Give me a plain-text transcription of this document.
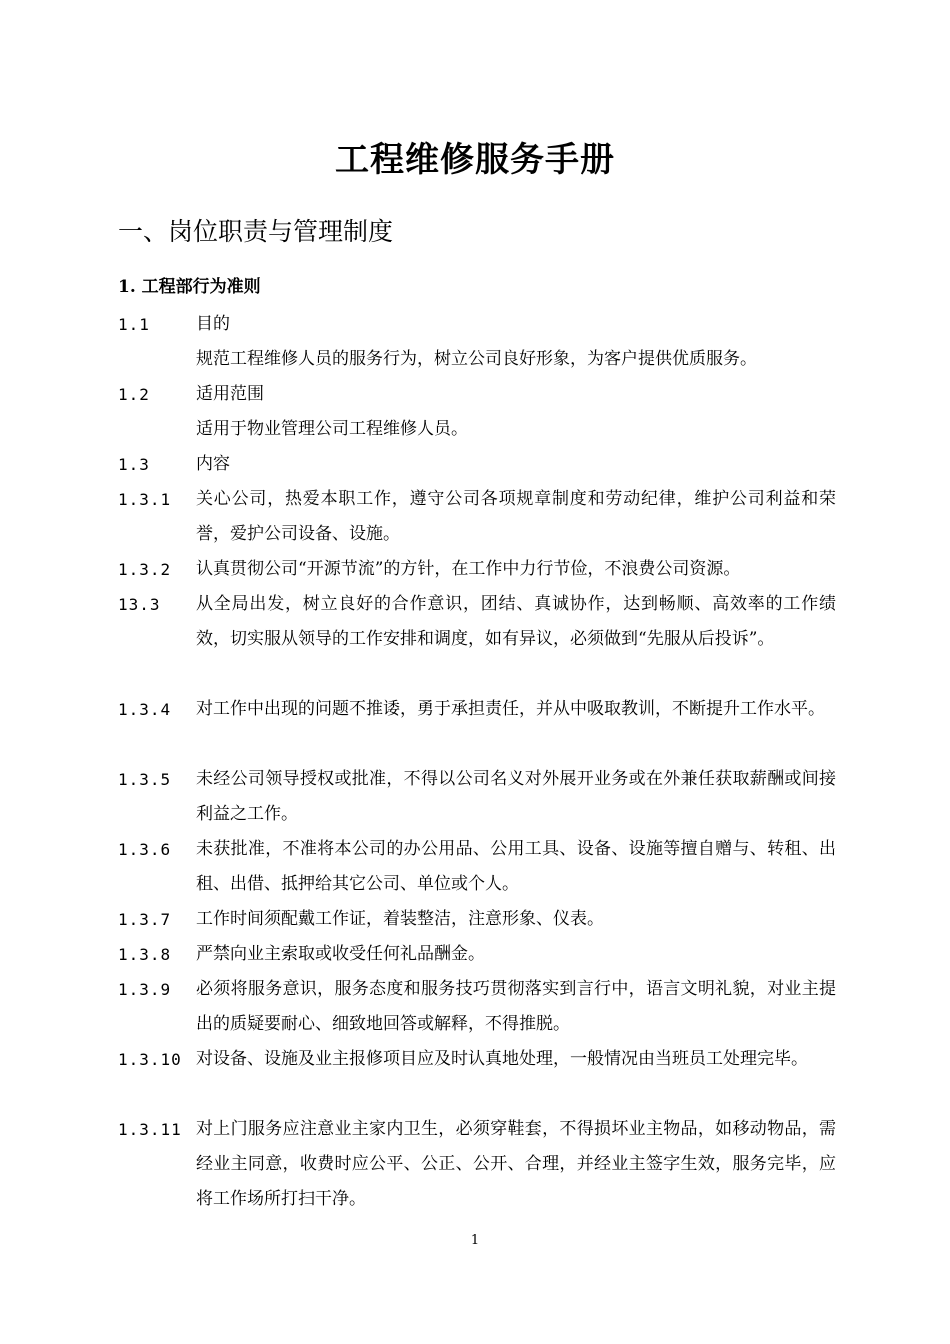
工程维修服务手册
一、岗位职责与管理制度
1. 工程部行为准则
1.1	目的
规范工程维修人员的服务行为，树立公司良好形象，为客户提供优质服务。
1.2	适用范围
适用于物业管理公司工程维修人员。
1.3	内容
1.3.1 关心公司，热爱本职工作，遵守公司各项规章制度和劳动纪律，维护公司利益和荣誉，爱护公司设备、设施。
1.3.2 认真贯彻公司“开源节流”的方针，在工作中力行节俭，不浪费公司资源。
13.3 从全局出发，树立良好的合作意识，团结、真诚协作，达到畅顺、高效率的工作绩效，切实服从领导的工作安排和调度，如有异议，必须做到“先服从后投诉”。
1.3.4 对工作中出现的问题不推诿，勇于承担责任，并从中吸取教训，不断提升工作水平。
1.3.5 未经公司领导授权或批准，不得以公司名义对外展开业务或在外兼任获取薪酬或间接利益之工作。
1.3.6 未获批准，不准将本公司的办公用品、公用工具、设备、设施等擅自赠与、转租、出租、出借、抵押给其它公司、单位或个人。
1.3.7 工作时间须配戴工作证，着装整洁，注意形象、仪表。
1.3.8 严禁向业主索取或收受任何礼品酬金。
1.3.9 必须将服务意识，服务态度和服务技巧贯彻落实到言行中，语言文明礼貌，对业主提出的质疑要耐心、细致地回答或解释，不得推脱。
1.3.10 对设备、设施及业主报修项目应及时认真地处理，一般情况由当班员工处理完毕。
1.3.11 对上门服务应注意业主家内卫生，必须穿鞋套，不得损坏业主物品，如移动物品，需经业主同意，收费时应公平、公正、公开、合理，并经业主签字生效，服务完毕，应将工作场所打扫干净。
1
